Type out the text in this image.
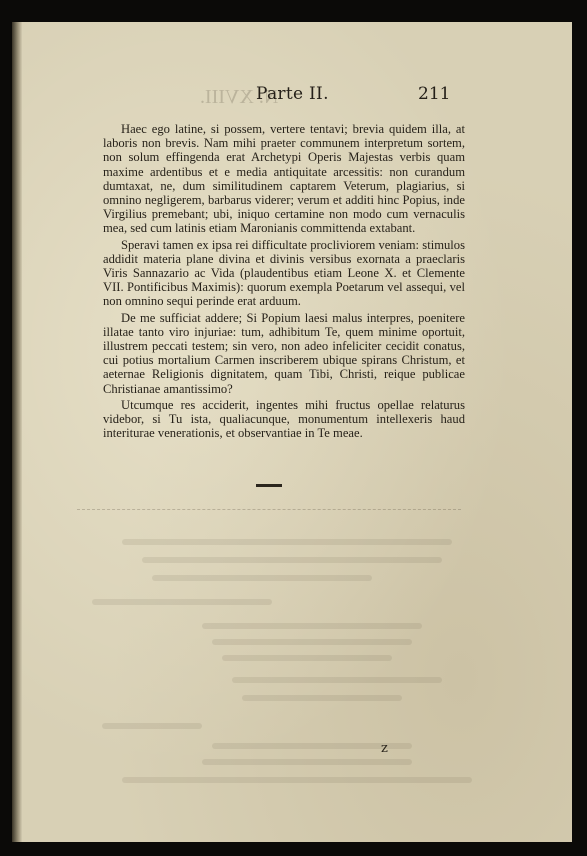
N. XVIII.
Parte II.	211

Haec ego latine, si possem, vertere tentavi; brevia quidem illa, at laboris non brevis. Nam mihi praeter communem interpretum sortem, non solum effingenda erat Archetypi Operis Majestas verbis quam maxime ardentibus et e media antiquitate arcessitis: non curandum dumtaxat, ne, dum similitudinem captarem Veterum, plagiarius, si omnino negligerem, barbarus viderer; verum et additi hinc Popius, inde Virgilius premebant; ubi, iniquo certamine non modo cum vernaculis mea, sed cum latinis etiam Maronianis committenda extabant.

Speravi tamen ex ipsa rei difficultate procliviorem veniam: stimulos addidit materia plane divina et divinis versibus exornata a praeclaris Viris Sannazario ac Vida (plaudentibus etiam Leone X. et Clemente VII. Pontificibus Maximis): quorum exempla Poetarum vel assequi, vel non omnino sequi perinde erat arduum.

De me sufficiat addere; Si Popium laesi malus interpres, poenitere illatae tanto viro injuriae: tum, adhibitum Te, quem minime oportuit, illustrem peccati testem; sin vero, non adeo infeliciter cecidit conatus, cui potius mortalium Carmen inscriberem ubique spirans Christum, et aeternae Religionis dignitatem, quam Tibi, Christi, reique publicae Christianae amantissimo?

Utcumque res acciderit, ingentes mihi fructus opellae relaturus videbor, si Tu ista, qualiacunque, monumentum intellexeris haud interiturae venerationis, et observantiae in Te meae.

z
